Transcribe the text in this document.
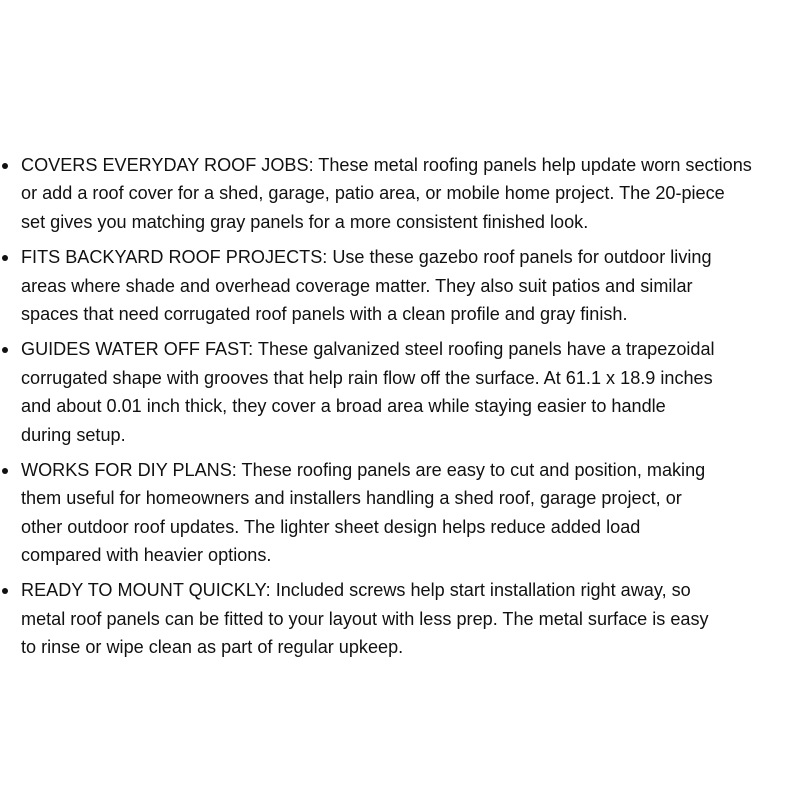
COVERS EVERYDAY ROOF JOBS: These metal roofing panels help update worn sections
or add a roof cover for a shed, garage, patio area, or mobile home project. The 20-piece
set gives you matching gray panels for a more consistent finished look.
FITS BACKYARD ROOF PROJECTS: Use these gazebo roof panels for outdoor living
areas where shade and overhead coverage matter. They also suit patios and similar
spaces that need corrugated roof panels with a clean profile and gray finish.
GUIDES WATER OFF FAST: These galvanized steel roofing panels have a trapezoidal
corrugated shape with grooves that help rain flow off the surface. At 61.1 x 18.9 inches
and about 0.01 inch thick, they cover a broad area while staying easier to handle
during setup.
WORKS FOR DIY PLANS: These roofing panels are easy to cut and position, making
them useful for homeowners and installers handling a shed roof, garage project, or
other outdoor roof updates. The lighter sheet design helps reduce added load
compared with heavier options.
READY TO MOUNT QUICKLY: Included screws help start installation right away, so
metal roof panels can be fitted to your layout with less prep. The metal surface is easy
to rinse or wipe clean as part of regular upkeep.
